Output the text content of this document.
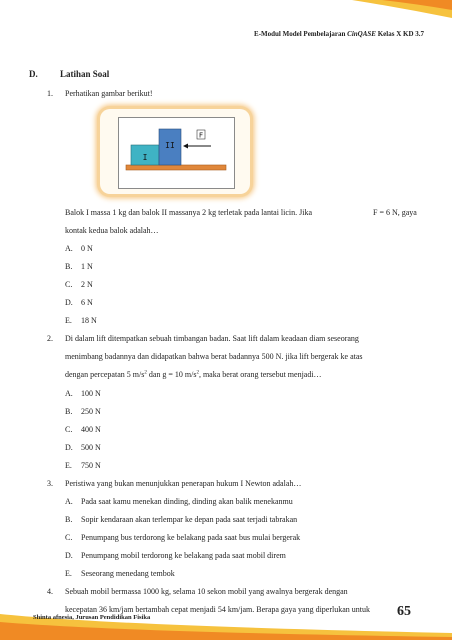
E-Modul Model Pembelajaran CinQASE Kelas X KD 3.7
D. Latihan Soal
1. Perhatikan gambar berikut!
I
II
F
Balok I massa 1 kg dan balok II massanya 2 kg terletak pada lantai licin. Jika	F = 6 N, gaya
kontak kedua balok adalah…
A. 0 N
B. 1 N
C. 2 N
D. 6 N
E. 18 N
2. Di dalam lift ditempatkan sebuah timbangan badan. Saat lift dalam keadaan diam seseorang
menimbang badannya dan didapatkan bahwa berat badannya 500 N. jika lift bergerak ke atas
dengan percepatan 5 $m/s^2$ dan g = 10 $m/s^2$, maka berat orang tersebut menjadi…
A. 100 N
B. 250 N
C. 400 N
D. 500 N
E. 750 N
3. Peristiwa yang bukan menunjukkan penerapan hukum I Newton adalah…
A. Pada saat kamu menekan dinding, dinding akan balik menekanmu
B. Sopir kendaraan akan terlempar ke depan pada saat terjadi tabrakan
C. Penumpang bus terdorong ke belakang pada saat bus mulai bergerak
D. Penumpang mobil terdorong ke belakang pada saat mobil direm
E. Seseorang menedang tembok
4. Sebuah mobil bermassa 1000 kg, selama 10 sekon mobil yang awalnya bergerak dengan
kecepatan 36 km/jam bertambah cepat menjadi 54 km/jam. Berapa gaya yang diperlukan untuk
Shinta afnesia, Jurusan Pendidikan Fisika	65
